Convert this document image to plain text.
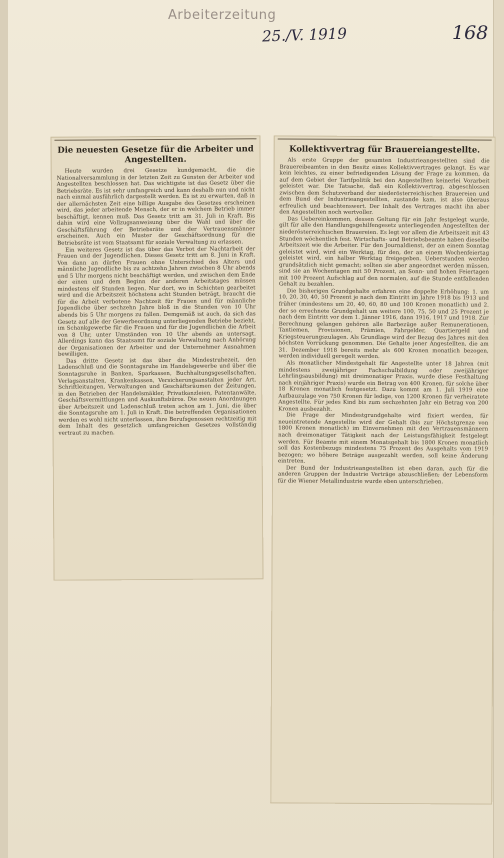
Arbeiterzeitung
25./V. 1919	168
Die neuesten Gesetze für die Arbeiter und Angestellten.

Heute wurden drei Gesetze kundgemacht, die die Nationalversammlung in der letzten Zeit zu Gunsten der Arbeiter und Angestellten beschlossen hat. Das wichtigste ist das Gesetz über die Betriebsräte. Es ist sehr umfangreich und kann deshalb nun und nicht nach einmal ausführlich dargestellt werden. Es ist zu erwarten, daß in der allernächsten Zeit eine billige Ausgabe des Gesetzes erscheinen wird, das jeder arbeitende Mensch, der er in welchem Betrieb immer beschäftigt, kennen muß. Das Gesetz tritt am 31. Juli in Kraft. Bis dahin wird eine Vollzugsanweisung über die Wahl und über die Geschäftsführung der Betriebsräte und der Vertrauensmänner erscheinen. Auch ein Muster der Geschäftsordnung für die Betriebsräte ist vom Staatsamt für soziale Verwaltung zu erlassen.

Ein weiteres Gesetz ist das über das Verbot der Nachtarbeit der Frauen und der Jugendlichen. Dieses Gesetz tritt am 8. Juni in Kraft. Von dann an dürfen Frauen ohne Unterschied des Alters und männliche Jugendliche bis zu achtzehn Jahren zwischen 8 Uhr abends und 5 Uhr morgens nicht beschäftigt werden, und zwischen dem Ende der einen und dem Beginn der anderen Arbeitstages müssen mindestens elf Stunden liegen. Nur dort, wo in Schichten gearbeitet wird und die Arbeitszeit höchstens acht Stunden beträgt, braucht die für die Arbeit verbotene Nachtzeit für Frauen und für männliche Jugendliche über sechzehn Jahre bloß in die Stunden von 10 Uhr abends bis 5 Uhr morgens zu fallen. Demgemäß ist auch, da sich das Gesetz auf alle der Gewerbeordnung unterliegenden Betriebe bezieht, im Schankgewerbe für die Frauen und für die Jugendlichen die Arbeit von 8 Uhr, unter Umständen von 10 Uhr abends an untersagt. Allerdings kann das Staatsamt für soziale Verwaltung nach Anhörung der Organisationen der Arbeiter und der Unternehmer Ausnahmen bewilligen.

Das dritte Gesetz ist das über die Mindestruhezeit, den Ladenschluß und die Sonntagsruhe im Handelsgewerbe und über die Sonntagsruhe in Banken, Sparkassen, Buchhaltungsgesellschaften, Verlagsanstalten, Krankenkassen, Versicherungsanstalten jeder Art, Schriftleitungen, Verwaltungen und Geschäftsräumen der Zeitungen, in den Betrieben der Handelsmäkler, Privatkanzleien, Patentanwälte, Geschäftsvermittlungen und Auskunftsbüros. Die neuen Anordnungen über Arbeitszeit und Ladenschluß treten schon am 1. Juni, die über die Sonntagsruhe am 1. Juli in Kraft. Die betreffenden Organisationen werden es wohl nicht unterlassen, ihre Berufsgenossen rechtzeitig mit dem Inhalt des gesetzlich umfangreichen Gesetzes vollständig vertraut zu machen.

Kollektivvertrag für Brauereiangestellte.

Als erste Gruppe der gesamten Industrieangestellten sind die Brauereibeamten in den Besitz eines Kollektivvertrages gelangt. Es war kein leichtes, zu einer befriedigenden Lösung der Frage zu kommen, da auf dem Gebiet der Tarifpolitik bei den Angestellten keinerlei Vorarbeit geleistet war. Die Tatsache, daß ein Kollektivvertrag, abgeschlossen zwischen dem Schutzverband der niederösterreichischen Brauereien und dem Bund der Industrieangestellten, zustande kam, ist also überaus erfreulich und beachtenswert. Der Inhalt des Vertrages macht ihn aber den Angestellten noch wertvoller.

Das Uebereinkommen, dessen Geltung für ein Jahr festgelegt wurde, gilt für alle den Handlungsgehilfengesetz unterliegenden Angestellten der niederösterreichischen Brauereien. Es legt vor allem die Arbeitszeit mit 43 Stunden wöchentlich fest. Wirtschafts- und Betriebsbeamte haben dieselbe Arbeitszeit wie die Arbeiter. Für den Journaldienst, der an einem Sonntag geleistet wird, wird ein Werktag, für den, der an einem Wochenfeiertag geleistet wird, ein halber Werktag freigegeben. Ueberstunden werden grundsätzlich nicht gemacht; sollten sie aber angeordnet werden müssen, sind sie an Wochentagen mit 50 Prozent, an Sonn- und hohen Feiertagen mit 100 Prozent Aufschlag auf den normalen, auf die Stunde entfallenden Gehalt zu bezahlen.

Die bisherigen Grundgehalte erfahren eine doppelte Erhöhung: 1. um 10, 20, 30, 40, 50 Prozent je nach dem Eintritt im Jahre 1918 bis 1913 und früher (mindestens um 20, 40, 60, 80 und 100 Kronen monatlich) und 2. der so errechnete Grundgehalt um weitere 100, 75, 50 und 25 Prozent je nach dem Eintritt vor dem 1. Jänner 1916, dann 1916, 1917 und 1918. Zur Berechnung gelangen gehören alle Barbezüge außer Remunerationen, Tantiemen, Provisionen, Prämien, Fahrgelder, Quartiergeld und Kriegsteuerungszulagen. Als Grundlage wird der Bezug des Jahres mit den höchsten Vorrückung genommen. Die Gehalte jener Angestellten, die am 31. Dezember 1918 bereits mehr als 600 Kronen monatlich bezogen, werden individuell geregelt werden.

Als monatlicher Mindestgehalt für Angestellte unter 18 Jahren (mit mindestens zweijähriger Fachschulbildung oder zweijähriger Lehrlingsausbildung) mit dreimonatiger Praxis, wurde diese Festhaltung nach einjähriger Praxis) wurde ein Betrag von 400 Kronen, für solche über 18 Kronen monatlich festgesetzt. Dazu kommt am 1. Juli 1919 eine Aufbauzulage von 750 Kronen für ledige, von 1200 Kronen für verheiratete Angestellte. Für jedes Kind bis zum sechzehnten Jahr ein Betrag von 200 Kronen ausbezahlt.

Die Frage der Mindestgrundgehalte wird fixiert werden, für neueintretende Angestellte wird der Gehalt (bis zur Höchstgrenze von 1800 Kronen monatlich) im Einvernehmen mit den Vertrauensmännern nach dreimonatiger Tätigkeit nach der Leistungsfähigkeit festgelegt werden. Für Beamte mit einem Monatsgehalt bis 1800 Kronen monatlich soll das Kostenbezugs mindestens 75 Prozent des Ausgehalts vom 1919 bezogen; wo höhere Beträge ausgezahlt werden, soll keine Änderung eintreten.

Der Bund der Industrieangestellten ist eben daran, auch für die anderen Gruppen der Industrie Verträge abzuschließen; der Lebensform für die Wiener Metallindustrie wurde eben unterschrieben.
